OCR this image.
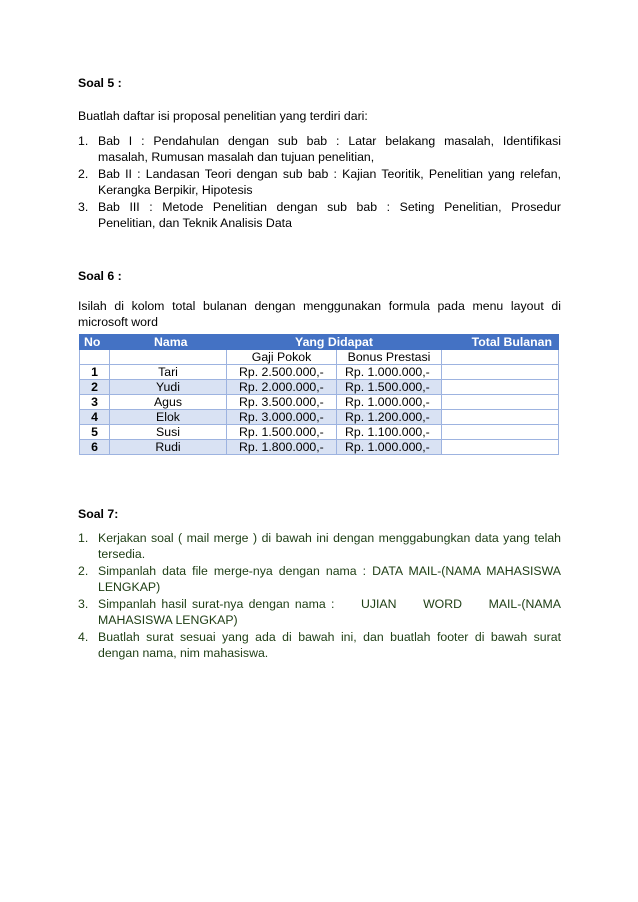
Soal 5 :

Buatlah daftar isi proposal penelitian yang terdiri dari:

1. Bab I : Pendahulan dengan sub bab : Latar belakang masalah, Identifikasi
masalah, Rumusan masalah dan tujuan penelitian,
2. Bab II : Landasan Teori dengan sub bab : Kajian Teoritik, Penelitian yang relefan,
Kerangka Berpikir, Hipotesis
3. Bab III : Metode Penelitian dengan sub bab : Seting Penelitian, Prosedur
Penelitian, dan Teknik Analisis Data

Soal 6 :

Isilah di kolom total bulanan dengan menggunakan formula pada menu layout di

microsoft word

No	Nama	Yang Didapat		Total Bulanan
		Gaji Pokok	Bonus Prestasi	
1	Tari	Rp. 2.500.000,-	Rp. 1.000.000,-	
2	Yudi	Rp. 2.000.000,-	Rp. 1.500.000,-	
3	Agus	Rp. 3.500.000,-	Rp. 1.000.000,-	
4	Elok	Rp. 3.000.000,-	Rp. 1.200.000,-	
5	Susi	Rp. 1.500.000,-	Rp. 1.100.000,-	
6	Rudi	Rp. 1.800.000,-	Rp. 1.000.000,-	

Soal 7:

1. Kerjakan soal ( mail merge ) di bawah ini dengan menggabungkan data yang telah
tersedia.
2. Simpanlah data file merge-nya dengan nama : DATA MAIL-(NAMA MAHASISWA
LENGKAP)
3. Simpanlah hasil surat-nya dengan nama :     UJIAN     WORD     MAIL-(NAMA
MAHASISWA LENGKAP)
4. Buatlah surat sesuai yang ada di bawah ini, dan buatlah footer di bawah surat
dengan nama, nim mahasiswa.
